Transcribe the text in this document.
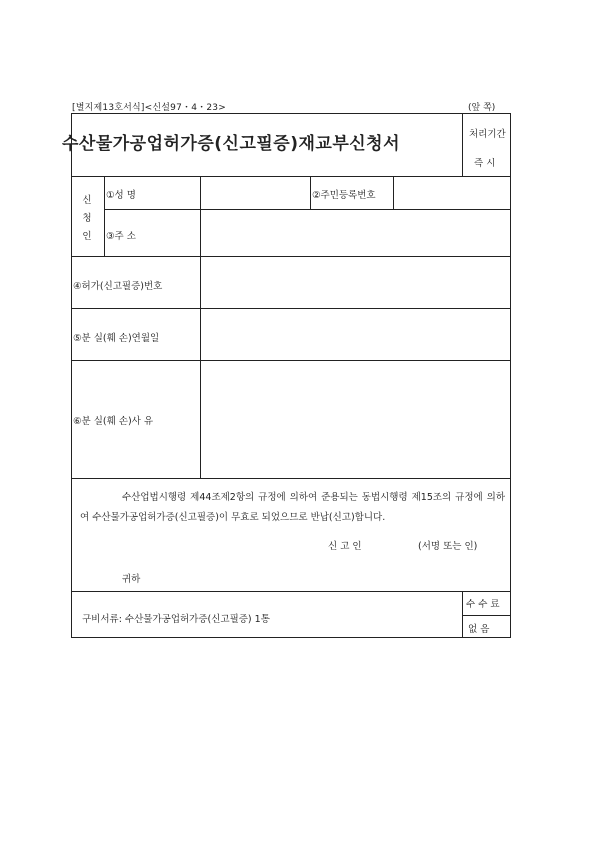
[별지제13호서식]<신설97・4・23>	(앞 쪽)
수산물가공업허가증(신고필증)재교부신청서	처리기간
즉 시
신
청
인
①성 명	②주민등록번호
③주 소
④허가(신고필증)번호
⑤분 실(훼 손)연월일
⑥분 실(훼 손)사 유
수산업법시행령 제44조제2항의 규정에 의하여 준용되는 동법시행령 제15조의 규정에 의하여 수산물가공업허가증(신고필증)이 무효로 되었으므로 반납(신고)합니다.
신 고 인	(서명 또는 인)
귀하
구비서류: 수산물가공업허가증(신고필증) 1통
수 수 료
없 음
